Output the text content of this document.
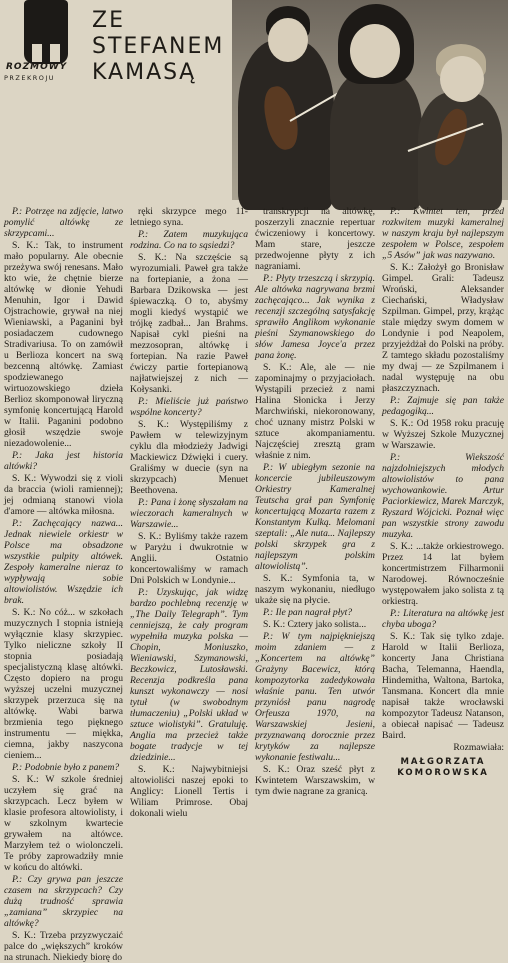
ROZMOWY
PRZEKROJU
ZE
STEFANEM
KAMASĄ

P.: Potrzęe na zdjęcie, latwo pomylić altówkę ze skrzypcami...

S. K.: Tak, to instrument mało popularny. Ale obecnie przeżywa swój renesans. Mało kto wie, że chętnie bierze altówkę w dłonie Yehudi Menuhin, Igor i Dawid Ojstrachowie, grywał na niej Wieniawski, a Paganini był posiadaczem cudownego Stradivariusa. To on zamówił u Berlioza koncert na swą bezcenną altówkę. Zamiast spodziewanego wirtuozowskiego dzieła Berlioz skomponował liryczną symfonię koncertującą Harold w Italii. Paganini podobno głosił wszędzie swoje niezadowolenie...

P.: Jaka jest historia altówki?

S. K.: Wywodzi się z violi da braccia (wioli ramiennej); jej odmianą stanowi viola d'amore — altówka miłosna.

P.: Zachęcający nazwa... Jednak niewiele orkiestr w Polsce ma obsadzone wszystkie pulpity altówek. Zespoły kameralne nieraz to wypływają sobie altowiolistów. Wszędzie ich brak.

S. K.: No cóż... w szkołach muzycznych I stopnia istnieją wyłącznie klasy skrzypiec. Tylko nieliczne szkoły II stopnia posiadają specjalistyczną klasę altówki. Często dopiero na progu wyższej uczelni muzycznej skrzypek przerzuca się na altówkę. Wabi barwa brzmienia tego pięknego instrumentu — miękka, ciemna, jakby naszycona cieniem...

P.: Podobnie było z panem?

S. K.: W szkole średniej uczyłem się grać na skrzypcach. Lecz byłem w klasie profesora altowiolisty, i w szkolnym kwartecie grywałem na altówce. Marzyłem też o wiolonczeli. Te próby zaprowadziły mnie w końcu do altówki.

P.: Czy grywa pan jeszcze czasem na skrzypcach? Czy dużą trudność sprawia „zamiana” skrzypiec na altówkę?

S. K.: Trzeba przyzwyczaić palce do „większych” kroków na strunach. Niekiedy biorę do

ręki skrzypce mego 11-letniego syna.

P.: Zatem muzykująca rodzina. Co na to sąsiedzi?

S. K.: Na szczęście są wyrozumiali. Paweł gra także na fortepianie, a żona — Barbara Dzikowska — jest śpiewaczką. O to, abyśmy mogli kiedyś wystąpić we trójkę zadbał... Jan Brahms. Napisał cykl pieśni na mezzosopran, altówkę i fortepian. Na razie Paweł ćwiczy partie fortepianową najłatwiejszej z nich — Kołysanki.

P.: Mieliście już państwo wspólne koncerty?

S. K.: Występiliśmy z Pawłem w telewizyjnym cyklu dla młodzieży Jadwigi Mackiewicz Dźwięki i cuery. Graliśmy w duecie (syn na skrzypcach) Menuet Beethovena.

P.: Pana i żonę słyszałam na wieczorach kameralnych w Warszawie...

S. K.: Byliśmy także razem w Paryżu i dwukrotnie w Anglii. Ostatnio koncertowaliśmy w ramach Dni Polskich w Londynie...

P.: Uzyskując, jak widzę bardzo pochlebną recenzję w „The Daily Telegraph”. Tym cenniejszą, że cały program wypełniła muzyka polska — Chopin, Moniuszko, Wieniawski, Szymanowski, Beczkowicz, Lutosławski. Recenzja podkreśla pana kunszt wykonawczy — nosi tytuł (w swobodnym tłumaczeniu) „Polski układ w sztuce wiolistyki”. Gratuluję. Anglia ma przecież także bogate tradycje w tej dziedzinie...

S. K.: Najwybitniejsi altowioliści naszej epoki to Anglicy: Lionell Tertis i Wiliam Primrose. Obaj dokonali wielu

transkrypcji na altówkę, poszerzyli znacznie repertuar ćwiczeniowy i koncertowy. Mam stare, jeszcze przedwojenne płyty z ich nagraniami.

P.: Płyty trzeszczą i skrzypią. Ale altówka nagrywana brzmi zachęcająco... Jak wynika z recenzji szczególną satysfakcję sprawiło Anglikom wykonanie pieśni Szymanowskiego do słów Jamesa Joyce'a przez pana żonę.

S. K.: Ale, ale — nie zapominajmy o przyjaciołach. Wystąpili przecież z nami Halina Słonicka i Jerzy Marchwiński, niekoronowany, choć uznany mistrz Polski w sztuce akompaniamentu. Najczęściej zresztą gram właśnie z nim.

P.: W ubiegłym sezonie na koncercie jubileuszowym Orkiestry Kameralnej Teutscha grał pan Symfonię koncertującą Mozarta razem z Konstantym Kulką. Melomani szeptali: „Ale nuta... Najlepszy polski skrzypek gra z najlepszym polskim altowiolistą”.

S. K.: Symfonia ta, w naszym wykonaniu, niedługo ukaże się na płycie.

P.: Ile pan nagrał płyt?

S. K.: Cztery jako solista...

P.: W tym najpiękniejszą moim zdaniem — z „Koncertem na altówkę” Grażyny Bacewicz, którą kompozytorka zadedykowała właśnie panu. Ten utwór przyniósł panu nagrodę Orfeusza 1970, na Warszawskiej Jesieni, przyznawaną dorocznie przez krytyków za najlepsze wykonanie festiwalu...

S. K.: Oraz sześć płyt z Kwintetem Warszawskim, w tym dwie nagrane za granicą.

P.: Kwintet ten, przed rozkwitem muzyki kameralnej w naszym kraju był najlepszym zespołem w Polsce, zespołem „5 Asów” jak was nazywano.

S. K.: Założył go Bronisław Gimpel. Grali: Tadeusz Wroński, Aleksander Ciechański, Władysław Szpilman. Gimpel, przy, krążąc stale między swym domem w Londynie i pod Neapolem, przyjeżdżał do Polski na próby. Z tamtego składu pozostaliśmy my dwaj — ze Szpilmanem i nadal występuję na obu płaszczyznach.

P.: Zajmuje się pan także pedagogiką...

S. K.: Od 1958 roku pracuję w Wyższej Szkole Muzycznej w Warszawie.

P.: Wiekszość najzdolniejszych młodych altowiolistów to pana wychowankowie. Artur Paciorkiewicz, Marek Marczyk, Ryszard Wójcicki. Poznał więc pan wszystkie strony zawodu muzyka.

S. K.: ...także orkiestrowego. Przez 14 lat byłem koncertmistrzem Filharmonii Narodowej. Równocześnie występowałem jako solista z tą orkiestrą.

P.: Literatura na altówkę jest chyba uboga?

S. K.: Tak się tylko zdaje. Harold w Italii Berlioza, koncerty Jana Christiana Bacha, Telemanna, Haendla, Hindemitha, Waltona, Bartoka, Tansmana. Koncert dla mnie napisał także wrocławski kompozytor Tadeusz Natanson, a obiecał napisać — Tadeusz Baird.

Rozmawiała:

MAŁGORZATA KOMOROWSKA
